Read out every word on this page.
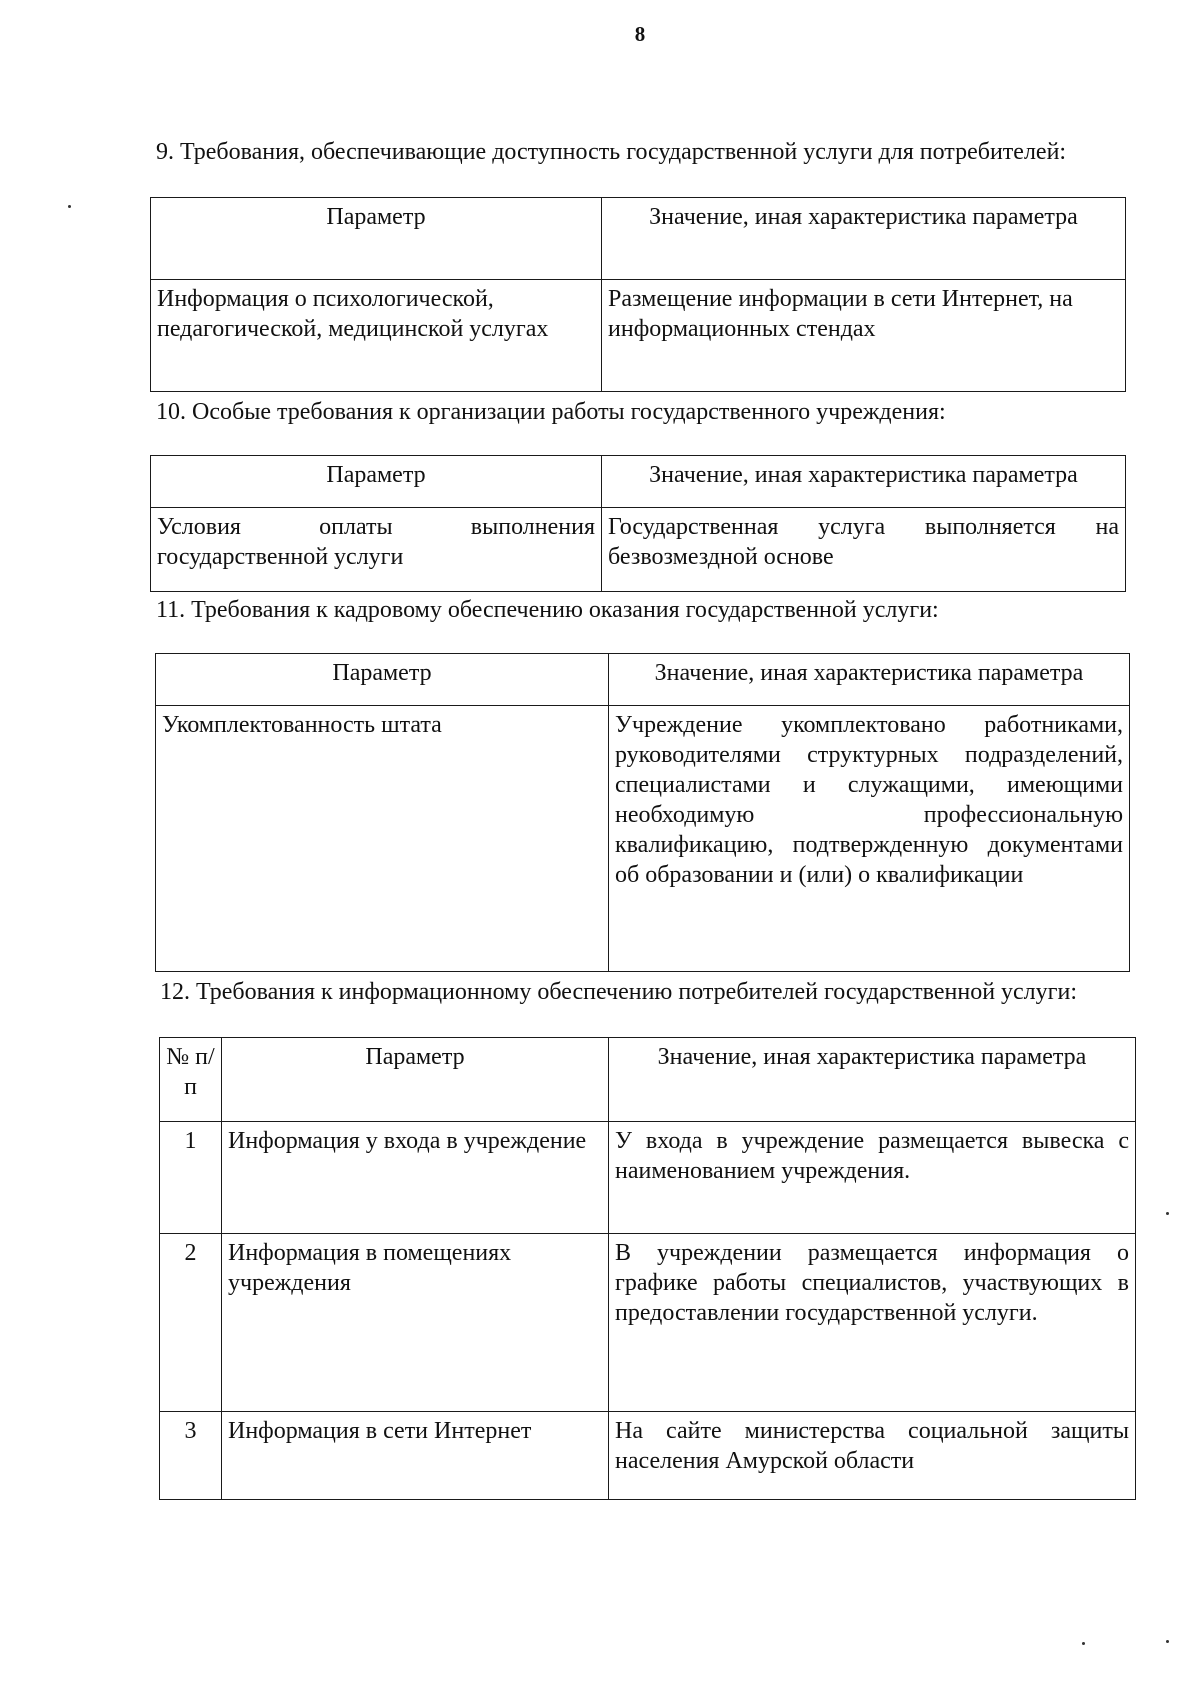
8
9. Требования, обеспечивающие доступность государственной услуги для потребителей:
Параметр	Значение, иная характеристика параметра
Информация о психологической, педагогической, медицинской услугах	Размещение информации в сети Интернет, на информационных стендах
10. Особые требования к организации работы государственного учреждения:
Параметр	Значение, иная характеристика параметра
Условия оплаты выполнения государственной услуги	Государственная услуга выполняется на безвозмездной основе
11. Требования к кадровому обеспечению оказания государственной услуги:
Параметр	Значение, иная характеристика параметра
Укомплектованность штата	Учреждение укомплектовано работниками, руководителями структурных подразделений, специалистами и служащими, имеющими необходимую профессиональную квалификацию, подтвержденную документами об образовании и (или) о квалификации
12. Требования к информационному обеспечению потребителей государственной услуги:
№ п/п	Параметр	Значение, иная характеристика параметра
1	Информация у входа в учреждение	У входа в учреждение размещается вывеска с наименованием учреждения.
2	Информация в помещениях учреждения	В учреждении размещается информация о графике работы специалистов, участвующих в предоставлении государственной услуги.
3	Информация в сети Интернет	На сайте министерства социальной защиты населения Амурской области
